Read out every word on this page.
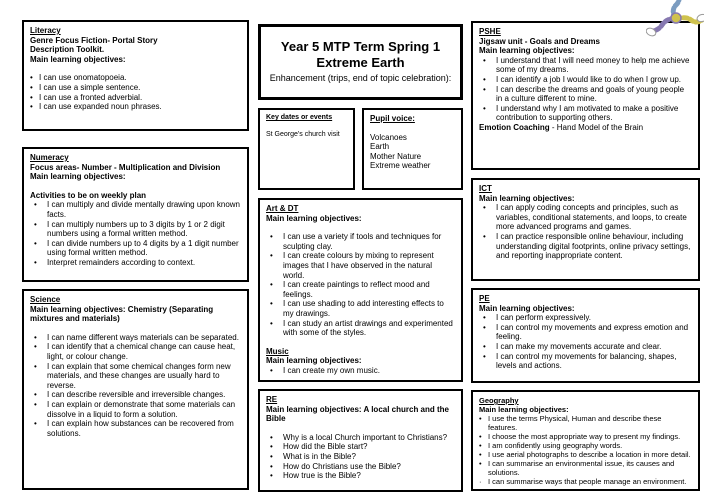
Literacy
Genre Focus Fiction- Portal Story
Description Toolkit.
Main learning objectives:
• I can use onomatopoeia.
• I can use a simple sentence.
• I can use a fronted adverbial.
• I can use expanded noun phrases.
Numeracy
Focus areas- Number - Multiplication and Division
Main learning objectives:
Activities to be on weekly plan
• I can multiply and divide mentally drawing upon known facts.
• I can multiply numbers up to 3 digits by 1 or 2 digit numbers using a formal written method.
• I can divide numbers up to 4 digits by a 1 digit number using formal written method.
• Interpret remainders according to context.
Science
Main learning objectives: Chemistry (Separating mixtures and materials)
• I can name different ways materials can be separated.
• I can identify that a chemical change can cause heat, light, or colour change.
• I can explain that some chemical changes form new materials, and these changes are usually hard to reverse.
• I can describe reversible and irreversible changes.
• I can explain or demonstrate that some materials can dissolve in a liquid to form a solution.
• I can explain how substances can be recovered from solutions.
Year 5 MTP Term Spring 1
Extreme Earth
Enhancement (trips, end of topic celebration):
Key dates or events
St George's church visit
Pupil voice:
Volcanoes
Earth
Mother Nature
Extreme weather
Art & DT
Main learning objectives:
• I can use a variety if tools and techniques for sculpting clay.
• I can create colours by mixing to represent images that I have observed in the natural world.
• I can create paintings to reflect mood and feelings.
• I can use shading to add interesting effects to my drawings.
• I can study an artist drawings and experimented with some of the styles.
Music
Main learning objectives:
• I can create my own music.
RE
Main learning objectives: A local church and the Bible
• Why is a local Church important to Christians?
• How did the Bible start?
• What is in the Bible?
• How do Christians use the Bible?
• How true is the Bible?
PSHE
Jigsaw unit - Goals and Dreams
Main learning objectives:
• I understand that I will need money to help me achieve some of my dreams.
• I can identify a job I would like to do when I grow up.
• I can describe the dreams and goals of young people in a culture different to mine.
• I understand why I am motivated to make a positive contribution to supporting others.
Emotion Coaching - Hand Model of the Brain
ICT
Main learning objectives:
• I can apply coding concepts and principles, such as variables, conditional statements, and loops, to create more advanced programs and games.
• I can practice responsible online behaviour, including understanding digital footprints, online privacy settings, and reporting inappropriate content.
PE
Main learning objectives:
• I can perform expressively.
• I can control my movements and express emotion and feeling.
• I can make my movements accurate and clear.
• I can control my movements for balancing, shapes, levels and actions.
Geography
Main learning objectives:
• I use the terms Physical, Human and describe these features.
• I choose the most appropriate way to present my findings.
• I am confidently using geography words.
• I use aerial photographs to describe a location in more detail.
• I can summarise an environmental issue, its causes and solutions.
· I can summarise ways that people manage an environment.
